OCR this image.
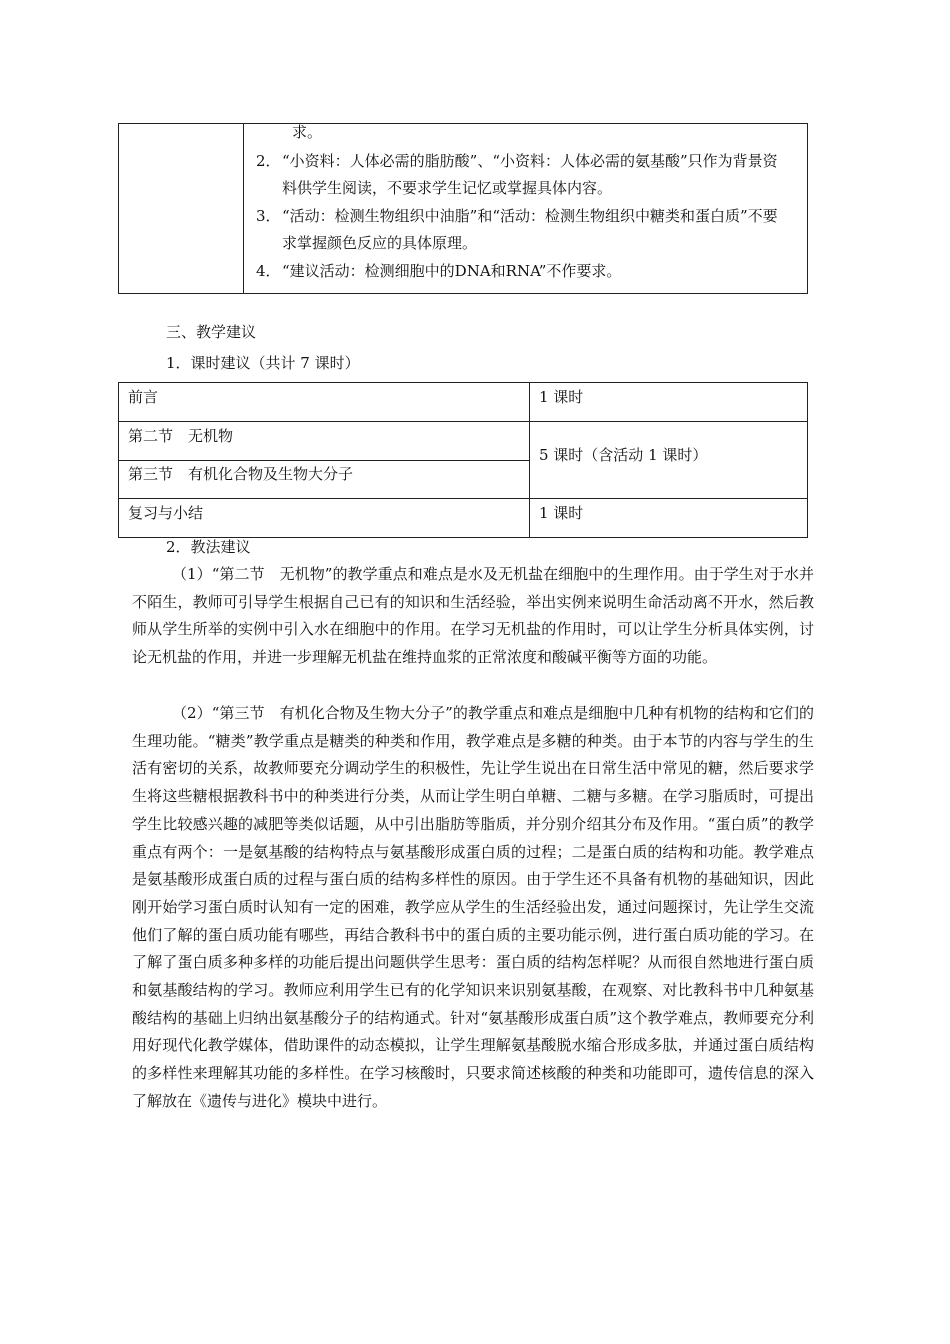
求。
2． “小资料：人体必需的脂肪酸”、“小资料：人体必需的氨基酸”只作为背景资料供学生阅读，不要求学生记忆或掌握具体内容。
3． “活动：检测生物组织中油脂”和“活动：检测生物组织中糖类和蛋白质”不要求掌握颜色反应的具体原理。
4． “建议活动：检测细胞中的DNA和RNA”不作要求。
三、教学建议
1．课时建议（共计 7 课时）
前言	1 课时
第二节　无机物
5 课时（含活动 1 课时）
第三节　有机化合物及生物大分子
复习与小结	1 课时
2．教法建议
（1）“第二节　无机物”的教学重点和难点是水及无机盐在细胞中的生理作用。由于学生对于水并不陌生，教师可引导学生根据自己已有的知识和生活经验，举出实例来说明生命活动离不开水，然后教师从学生所举的实例中引入水在细胞中的作用。在学习无机盐的作用时，可以让学生分析具体实例，讨论无机盐的作用，并进一步理解无机盐在维持血浆的正常浓度和酸碱平衡等方面的功能。
（2）“第三节　有机化合物及生物大分子”的教学重点和难点是细胞中几种有机物的结构和它们的生理功能。“糖类”教学重点是糖类的种类和作用，教学难点是多糖的种类。由于本节的内容与学生的生活有密切的关系，故教师要充分调动学生的积极性，先让学生说出在日常生活中常见的糖，然后要求学生将这些糖根据教科书中的种类进行分类，从而让学生明白单糖、二糖与多糖。在学习脂质时，可提出学生比较感兴趣的减肥等类似话题，从中引出脂肪等脂质，并分别介绍其分布及作用。“蛋白质”的教学重点有两个：一是氨基酸的结构特点与氨基酸形成蛋白质的过程；二是蛋白质的结构和功能。教学难点是氨基酸形成蛋白质的过程与蛋白质的结构多样性的原因。由于学生还不具备有机物的基础知识，因此刚开始学习蛋白质时认知有一定的困难，教学应从学生的生活经验出发，通过问题探讨，先让学生交流他们了解的蛋白质功能有哪些，再结合教科书中的蛋白质的主要功能示例，进行蛋白质功能的学习。在了解了蛋白质多种多样的功能后提出问题供学生思考：蛋白质的结构怎样呢？从而很自然地进行蛋白质和氨基酸结构的学习。教师应利用学生已有的化学知识来识别氨基酸，在观察、对比教科书中几种氨基酸结构的基础上归纳出氨基酸分子的结构通式。针对“氨基酸形成蛋白质”这个教学难点，教师要充分利用好现代化教学媒体，借助课件的动态模拟，让学生理解氨基酸脱水缩合形成多肽，并通过蛋白质结构的多样性来理解其功能的多样性。在学习核酸时，只要求简述核酸的种类和功能即可，遗传信息的深入了解放在《遗传与进化》模块中进行。
